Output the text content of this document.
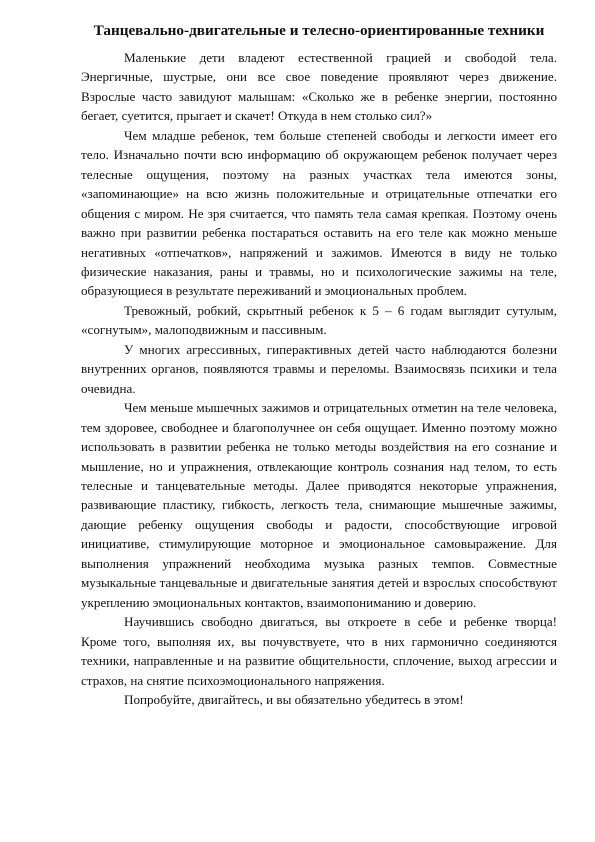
Танцевально-двигательные и телесно-ориентированные техники

Маленькие дети владеют естественной грацией и свободой тела. Энергичные, шустрые, они все свое поведение проявляют через движение. Взрослые часто завидуют малышам: «Сколько же в ребенке энергии, постоянно бегает, суетится, прыгает и скачет! Откуда в нем столько сил?»

Чем младше ребенок, тем больше степеней свободы и легкости имеет его тело. Изначально почти всю информацию об окружающем ребенок получает через телесные ощущения, поэтому на разных участках тела имеются зоны, «запоминающие» на всю жизнь положительные и отрицательные отпечатки его общения с миром. Не зря считается, что память тела самая крепкая. Поэтому очень важно при развитии ребенка постараться оставить на его теле как можно меньше негативных «отпечатков», напряжений и зажимов. Имеются в виду не только физические наказания, раны и травмы, но и психологические зажимы на теле, образующиеся в результате переживаний и эмоциональных проблем.

Тревожный, робкий, скрытный ребенок к 5 – 6 годам выглядит сутулым, «согнутым», малоподвижным и пассивным.

У многих агрессивных, гиперактивных детей часто наблюдаются болезни внутренних органов, появляются травмы и переломы. Взаимосвязь психики и тела очевидна.

Чем меньше мышечных зажимов и отрицательных отметин на теле человека, тем здоровее, свободнее и благополучнее он себя ощущает. Именно поэтому можно использовать в развитии ребенка не только методы воздействия на его сознание и мышление, но и упражнения, отвлекающие контроль сознания над телом, то есть телесные и танцевательные методы. Далее приводятся некоторые упражнения, развивающие пластику, гибкость, легкость тела, снимающие мышечные зажимы, дающие ребенку ощущения свободы и радости, способствующие игровой инициативе, стимулирующие моторное и эмоциональное самовыражение. Для выполнения упражнений необходима музыка разных темпов. Совместные музыкальные танцевальные и двигательные занятия детей и взрослых способствуют укреплению эмоциональных контактов, взаимопониманию и доверию.

Научившись свободно двигаться, вы откроете в себе и ребенке творца! Кроме того, выполняя их, вы почувствуете, что в них гармонично соединяются техники, направленные и на развитие общительности, сплочение, выход агрессии и страхов, на снятие психоэмоционального напряжения.

Попробуйте, двигайтесь, и вы обязательно убедитесь в этом!
